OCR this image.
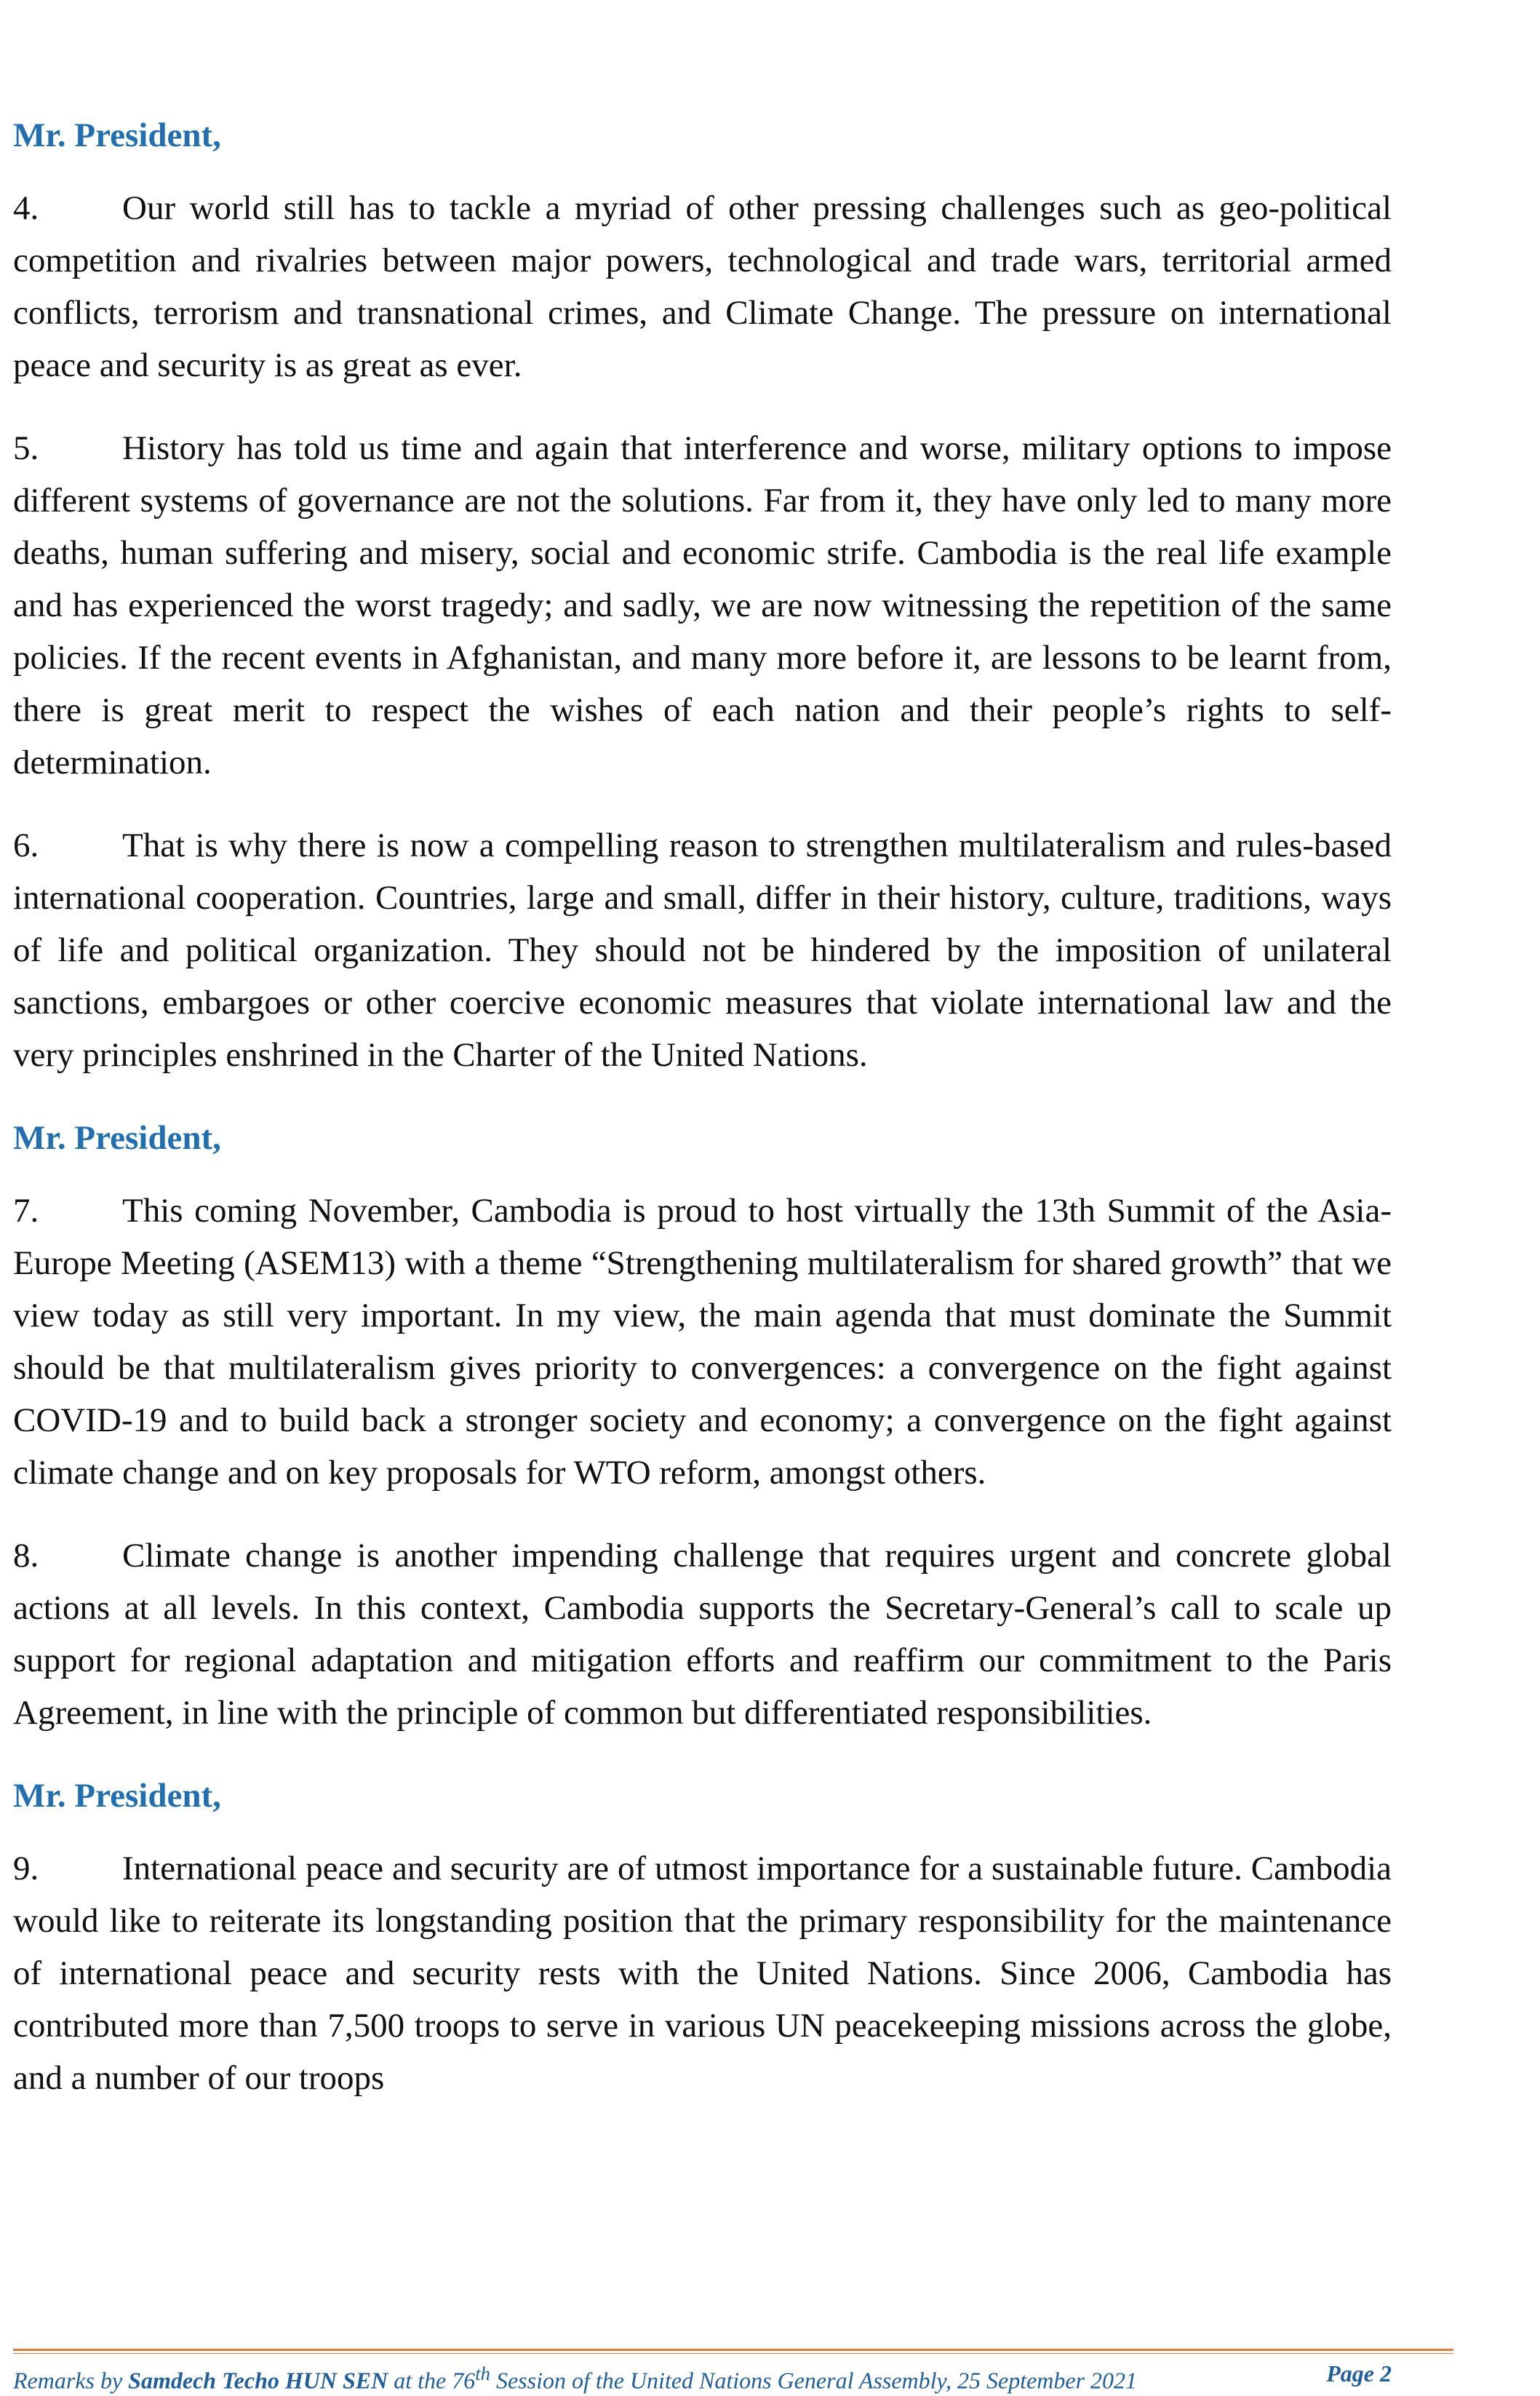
Mr. President,

4. Our world still has to tackle a myriad of other pressing challenges such as geo-political competition and rivalries between major powers, technological and trade wars, territorial armed conflicts, terrorism and transnational crimes, and Climate Change. The pressure on international peace and security is as great as ever.

5. History has told us time and again that interference and worse, military options to impose different systems of governance are not the solutions. Far from it, they have only led to many more deaths, human suffering and misery, social and economic strife. Cambodia is the real life example and has experienced the worst tragedy; and sadly, we are now witnessing the repetition of the same policies. If the recent events in Afghanistan, and many more before it, are lessons to be learnt from, there is great merit to respect the wishes of each nation and their people’s rights to self-determination.

6. That is why there is now a compelling reason to strengthen multilateralism and rules-based international cooperation. Countries, large and small, differ in their history, culture, traditions, ways of life and political organization. They should not be hindered by the imposition of unilateral sanctions, embargoes or other coercive economic measures that violate international law and the very principles enshrined in the Charter of the United Nations.

Mr. President,

7. This coming November, Cambodia is proud to host virtually the 13th Summit of the Asia-Europe Meeting (ASEM13) with a theme “Strengthening multilateralism for shared growth” that we view today as still very important. In my view, the main agenda that must dominate the Summit should be that multilateralism gives priority to convergences: a convergence on the fight against COVID-19 and to build back a stronger society and economy; a convergence on the fight against climate change and on key proposals for WTO reform, amongst others.

8. Climate change is another impending challenge that requires urgent and concrete global actions at all levels. In this context, Cambodia supports the Secretary-General’s call to scale up support for regional adaptation and mitigation efforts and reaffirm our commitment to the Paris Agreement, in line with the principle of common but differentiated responsibilities.

Mr. President,

9. International peace and security are of utmost importance for a sustainable future. Cambodia would like to reiterate its longstanding position that the primary responsibility for the maintenance of international peace and security rests with the United Nations. Since 2006, Cambodia has contributed more than 7,500 troops to serve in various UN peacekeeping missions across the globe, and a number of our troops

Remarks by Samdech Techo HUN SEN at the 76th Session of the United Nations General Assembly, 25 September 2021	Page 2
